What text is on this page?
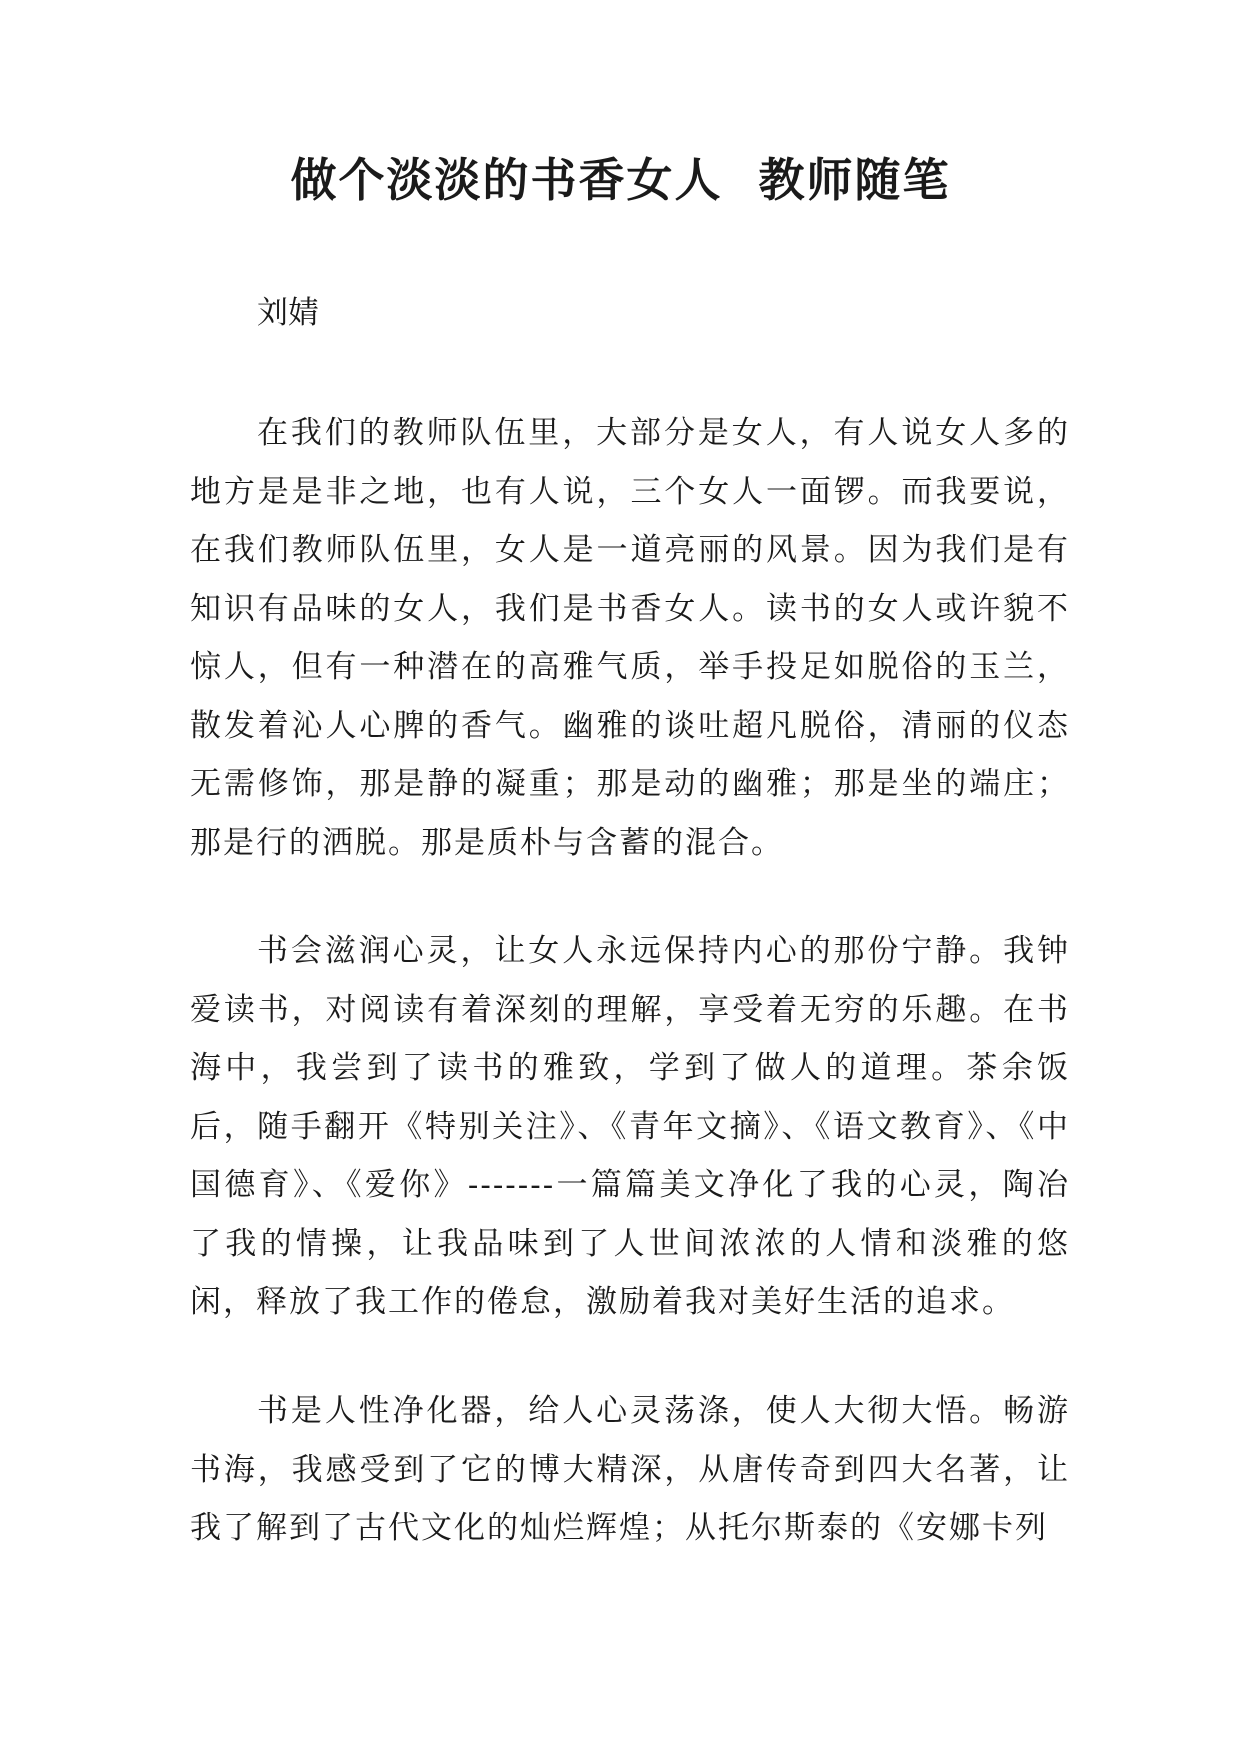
做个淡淡的书香女人  教师随笔
刘婧

在我们的教师队伍里，大部分是女人，有人说女人多的地方是是非之地，也有人说，三个女人一面锣。而我要说，在我们教师队伍里，女人是一道亮丽的风景。因为我们是有知识有品味的女人，我们是书香女人。读书的女人或许貌不惊人，但有一种潜在的高雅气质，举手投足如脱俗的玉兰，散发着沁人心脾的香气。幽雅的谈吐超凡脱俗，清丽的仪态无需修饰，那是静的凝重；那是动的幽雅；那是坐的端庄；那是行的洒脱。那是质朴与含蓄的混合。

书会滋润心灵，让女人永远保持内心的那份宁静。我钟爱读书，对阅读有着深刻的理解，享受着无穷的乐趣。在书海中，我尝到了读书的雅致，学到了做人的道理。茶余饭后，随手翻开《特别关注》、《青年文摘》、《语文教育》、《中国德育》、《爱你》-------一篇篇美文净化了我的心灵，陶冶了我的情操，让我品味到了人世间浓浓的人情和淡雅的悠闲，释放了我工作的倦怠，激励着我对美好生活的追求。

书是人性净化器，给人心灵荡涤，使人大彻大悟。畅游书海，我感受到了它的博大精深，从唐传奇到四大名著，让我了解到了古代文化的灿烂辉煌；从托尔斯泰的《安娜卡列
